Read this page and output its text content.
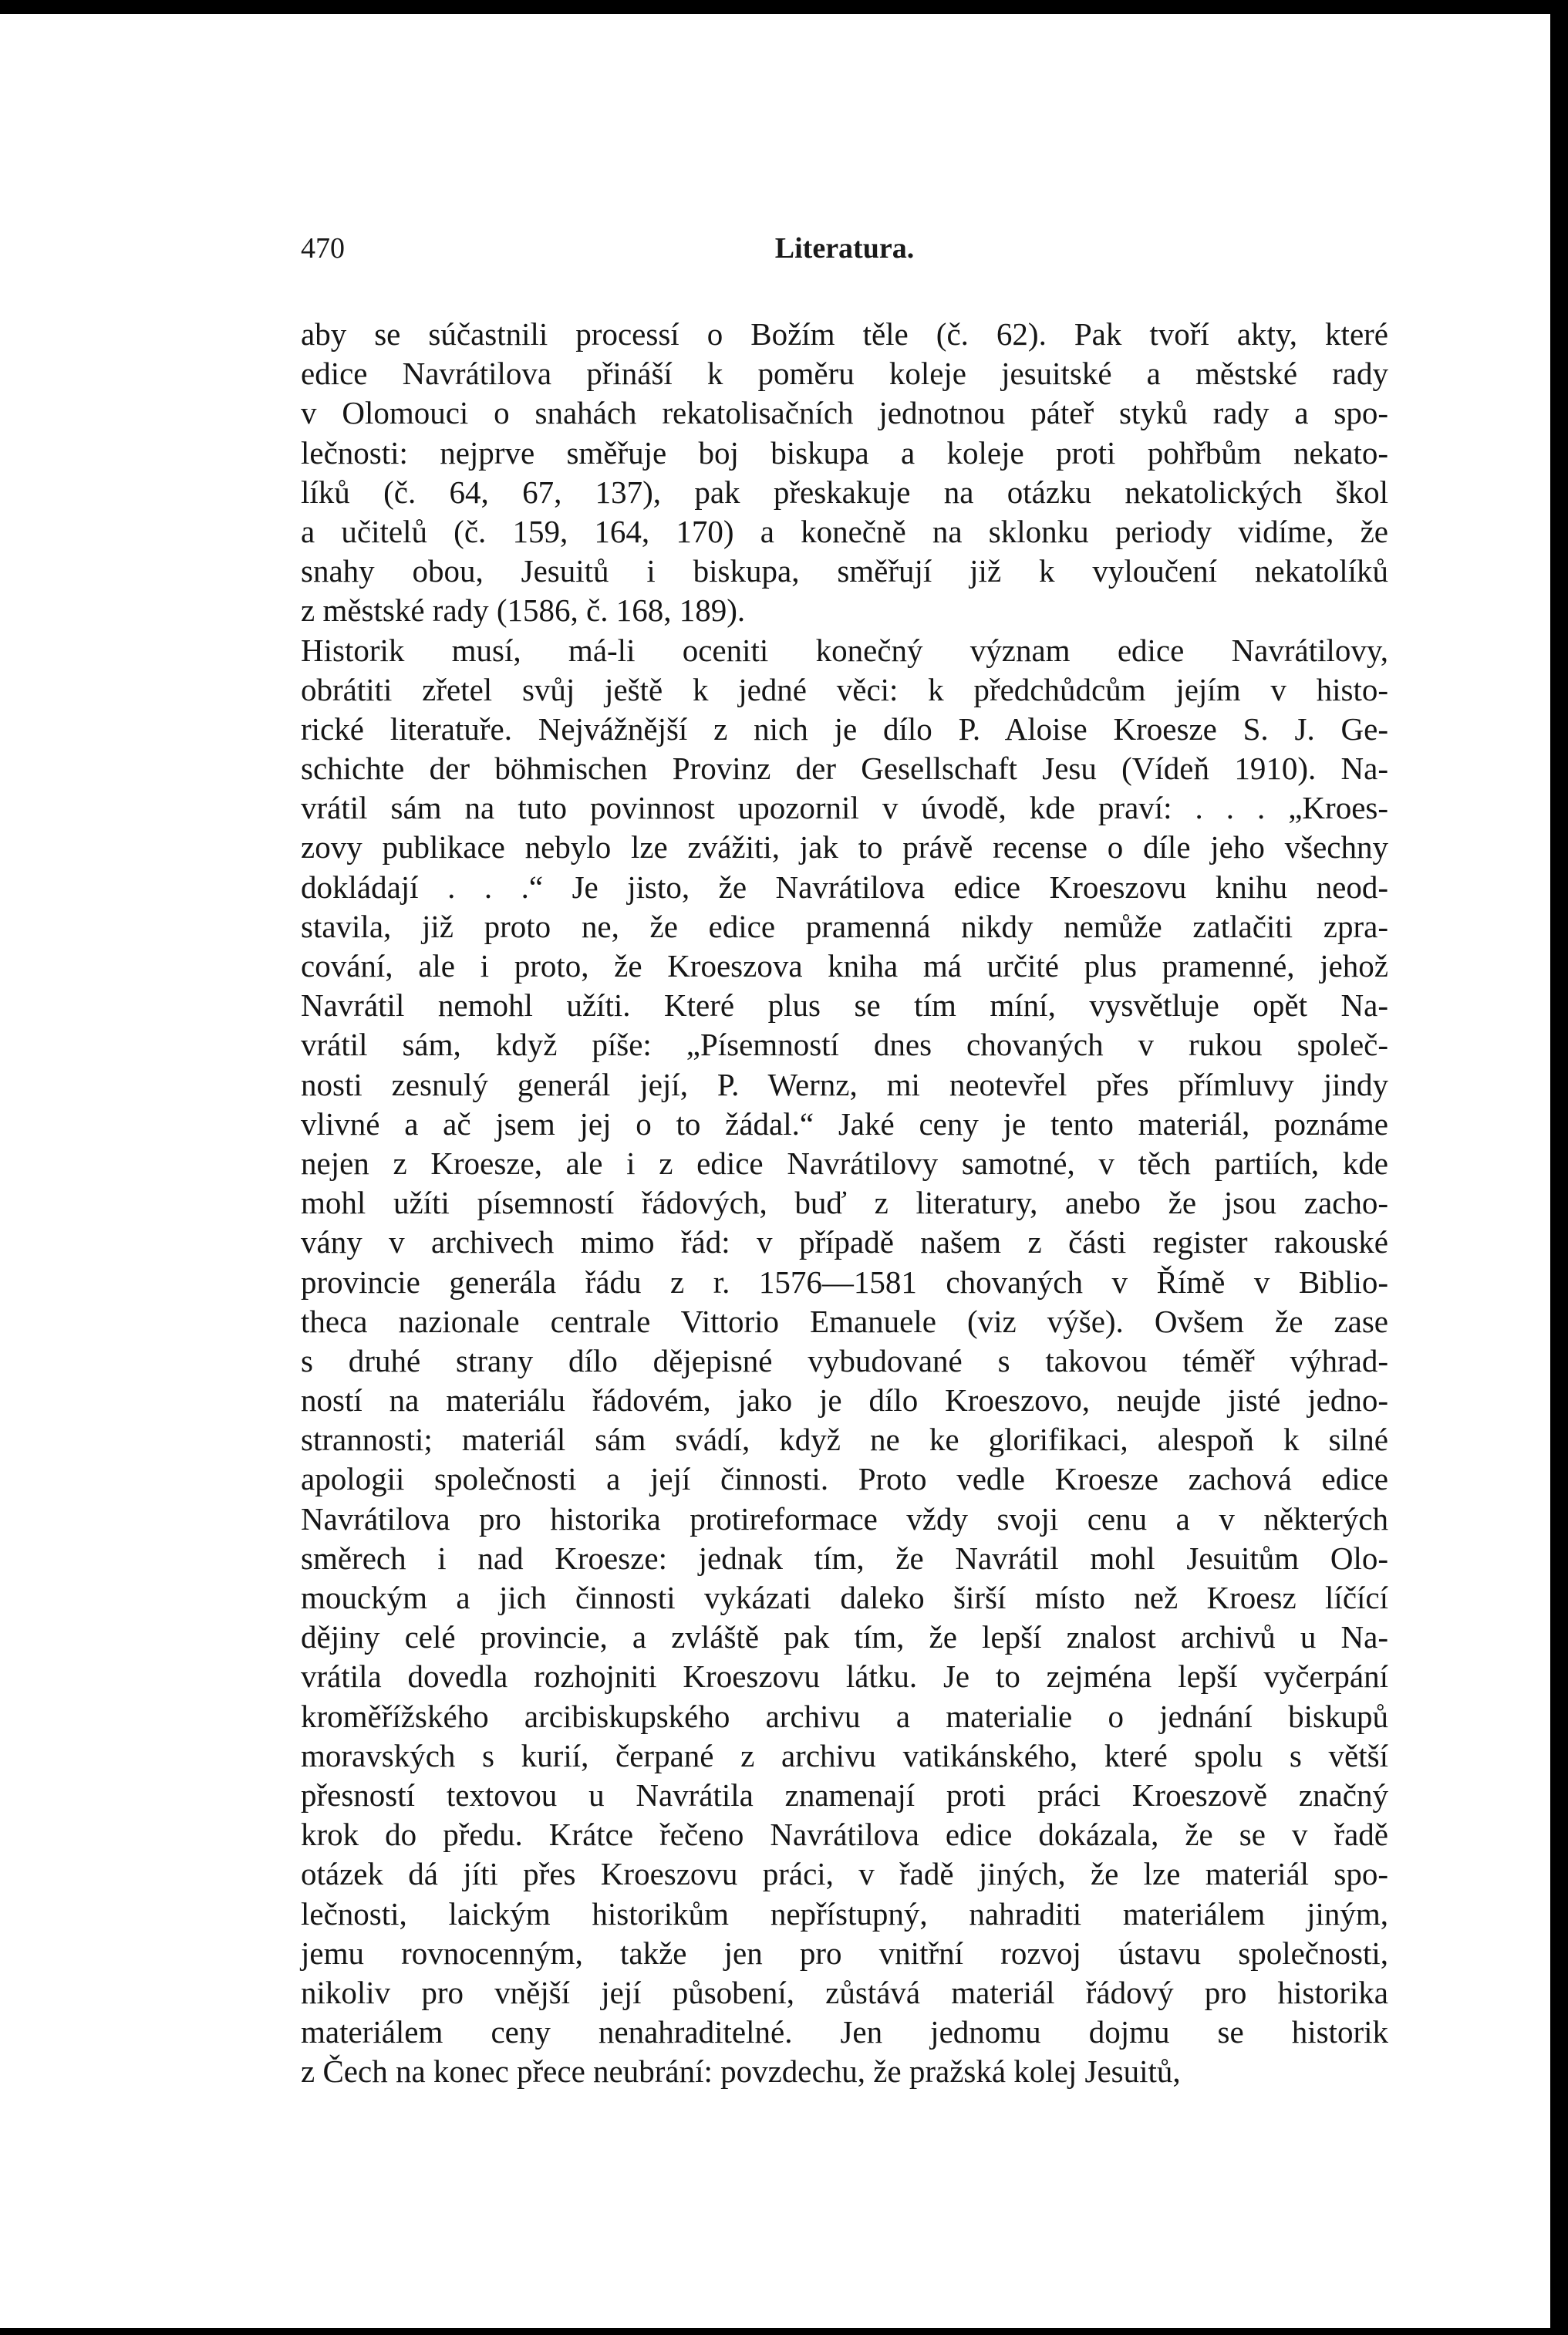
470	Literatura.
aby se súčastnili processí o Božím těle (č. 62). Pak tvoří akty, které
edice Navrátilova přináší k poměru koleje jesuitské a městské rady
v Olomouci o snahách rekatolisačních jednotnou páteř styků rady a spo-
lečnosti: nejprve směřuje boj biskupa a koleje proti pohřbům nekato-
líků (č. 64, 67, 137), pak přeskakuje na otázku nekatolických škol
a učitelů (č. 159, 164, 170) a konečně na sklonku periody vidíme, že
snahy obou, Jesuitů i biskupa, směřují již k vyloučení nekatolíků
z městské rady (1586, č. 168, 189).
Historik musí, má-li oceniti konečný význam edice Navrátilovy,
obrátiti zřetel svůj ještě k jedné věci: k předchůdcům jejím v histo-
rické literatuře. Nejvážnější z nich je dílo P. Aloise Kroesze S. J. Ge-
schichte der böhmischen Provinz der Gesellschaft Jesu (Vídeň 1910). Na-
vrátil sám na tuto povinnost upozornil v úvodě, kde praví: . . . „Kroes-
zovy publikace nebylo lze zvážiti, jak to právě recense o díle jeho všechny
dokládají . . .“ Je jisto, že Navrátilova edice Kroeszovu knihu neod-
stavila, již proto ne, že edice pramenná nikdy nemůže zatlačiti zpra-
cování, ale i proto, že Kroeszova kniha má určité plus pramenné, jehož
Navrátil nemohl užíti. Které plus se tím míní, vysvětluje opět Na-
vrátil sám, když píše: „Písemností dnes chovaných v rukou společ-
nosti zesnulý generál její, P. Wernz, mi neotevřel přes přímluvy jindy
vlivné a ač jsem jej o to žádal.“ Jaké ceny je tento materiál, poznáme
nejen z Kroesze, ale i z edice Navrátilovy samotné, v těch partiích, kde
mohl užíti písemností řádových, buď z literatury, anebo že jsou zacho-
vány v archivech mimo řád: v případě našem z části register rakouské
provincie generála řádu z r. 1576—1581 chovaných v Římě v Biblio-
theca nazionale centrale Vittorio Emanuele (viz výše). Ovšem že zase
s druhé strany dílo dějepisné vybudované s takovou téměř výhrad-
ností na materiálu řádovém, jako je dílo Kroeszovo, neujde jisté jedno-
strannosti; materiál sám svádí, když ne ke glorifikaci, alespoň k silné
apologii společnosti a její činnosti. Proto vedle Kroesze zachová edice
Navrátilova pro historika protireformace vždy svoji cenu a v některých
směrech i nad Kroesze: jednak tím, že Navrátil mohl Jesuitům Olo-
mouckým a jich činnosti vykázati daleko širší místo než Kroesz líčící
dějiny celé provincie, a zvláště pak tím, že lepší znalost archivů u Na-
vrátila dovedla rozhojniti Kroeszovu látku. Je to zejména lepší vyčerpání
kroměřížského arcibiskupského archivu a materialie o jednání biskupů
moravských s kurií, čerpané z archivu vatikánského, které spolu s větší
přesností textovou u Navrátila znamenají proti práci Kroeszově značný
krok do předu. Krátce řečeno Navrátilova edice dokázala, že se v řadě
otázek dá jíti přes Kroeszovu práci, v řadě jiných, že lze materiál spo-
lečnosti, laickým historikům nepřístupný, nahraditi materiálem jiným,
jemu rovnocenným, takže jen pro vnitřní rozvoj ústavu společnosti,
nikoliv pro vnější její působení, zůstává materiál řádový pro historika
materiálem ceny nenahraditelné. Jen jednomu dojmu se historik
z Čech na konec přece neubrání: povzdechu, že pražská kolej Jesuitů,
